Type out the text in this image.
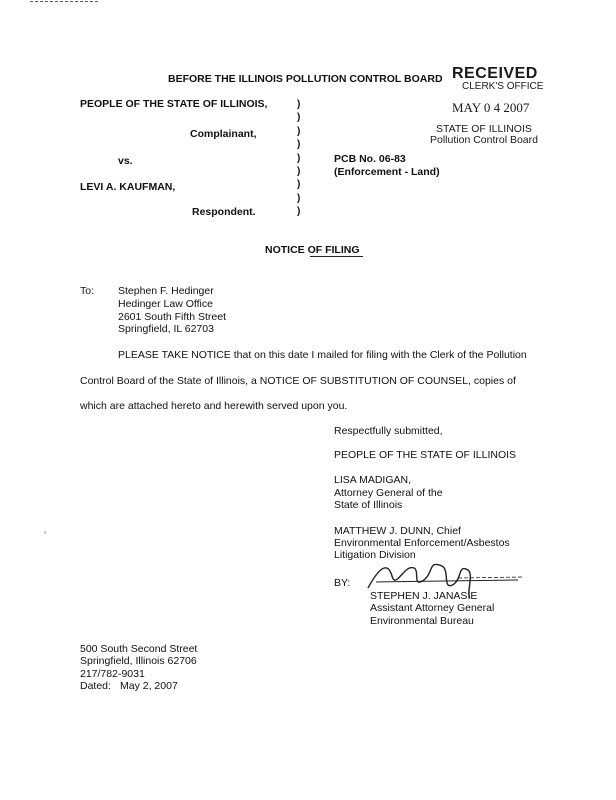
BEFORE THE ILLINOIS POLLUTION CONTROL BOARD RECEIVED
CLERK'S OFFICE
MAY 0 4 2007
STATE OF ILLINOIS
Pollution Control Board
PEOPLE OF THE STATE OF ILLINOIS,
Complainant,
vs.
LEVI A. KAUFMAN,
Respondent.
)
)
)
)
)
)
)
)
)
PCB No. 06-83
(Enforcement - Land)
NOTICE OF FILING
To: Stephen F. Hedinger
Hedinger Law Office
2601 South Fifth Street
Springfield, IL 62703
PLEASE TAKE NOTICE that on this date I mailed for filing with the Clerk of the Pollution
Control Board of the State of Illinois, a NOTICE OF SUBSTITUTION OF COUNSEL, copies of
which are attached hereto and herewith served upon you.
Respectfully submitted,
PEOPLE OF THE STATE OF ILLINOIS
LISA MADIGAN,
Attorney General of the
State of Illinois
MATTHEW J. DUNN, Chief
Environmental Enforcement/Asbestos
Litigation Division
BY:
STEPHEN J. JANASIE
Assistant Attorney General
Environmental Bureau
’
500 South Second Street
Springfield, Illinois 62706
217/782-9031
Dated: May 2, 2007
